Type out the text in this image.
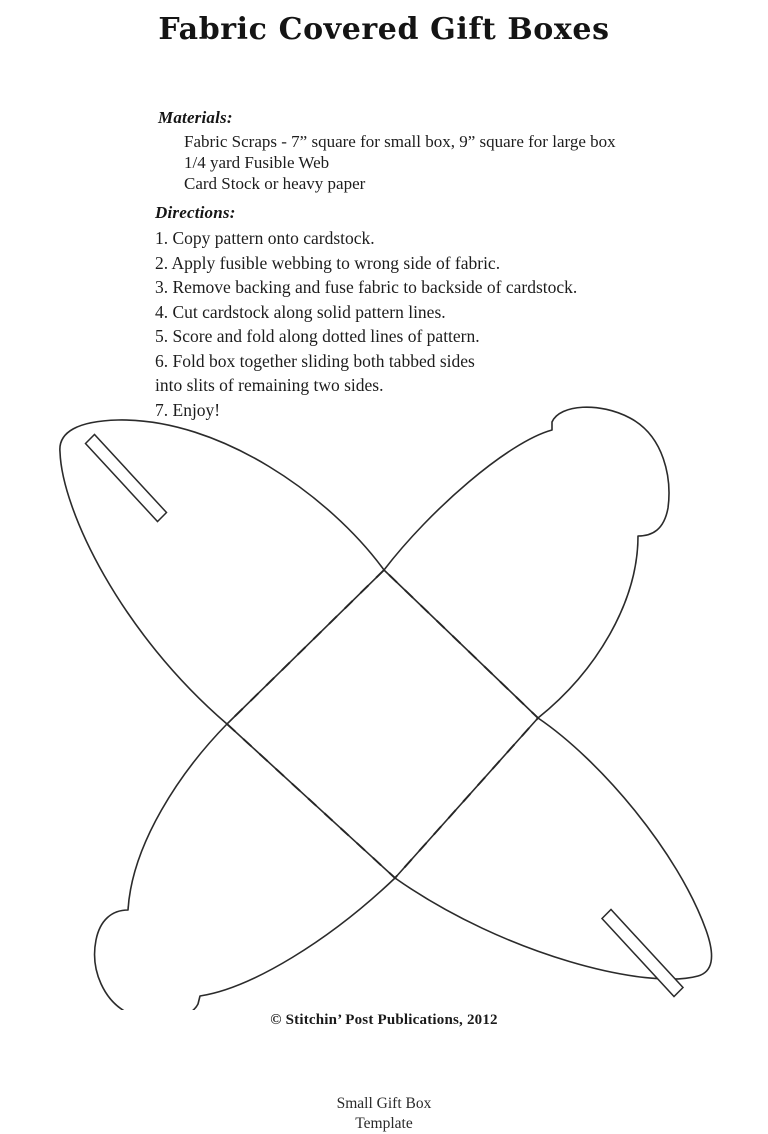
Fabric Covered Gift Boxes
Materials:
Fabric Scraps - 7” square for small box, 9” square for large box
1/4 yard Fusible Web
Card Stock or heavy paper
Directions:
1. Copy pattern onto cardstock.
2. Apply fusible webbing to wrong side of fabric.
3. Remove backing and fuse fabric to backside of cardstock.
4. Cut cardstock along solid pattern lines.
5. Score and fold along dotted lines of pattern.
6. Fold box together sliding both tabbed sides
into slits of remaining two sides.
7. Enjoy!
Small Gift Box
Template
© Stitchin’ Post Publications, 2012
